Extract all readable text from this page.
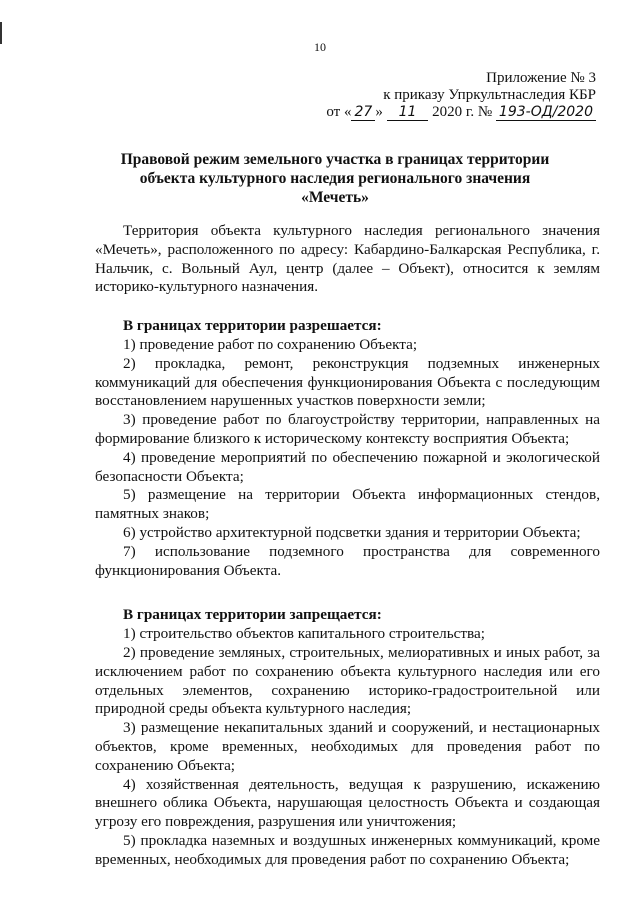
10
Приложение № 3
к приказу Упркультнаследия КБР
от « 27 » 11 2020 г. № 193-ОД/2020
Правовой режим земельного участка в границах территории
объекта культурного наследия регионального значения
«Мечеть»

Территория объекта культурного наследия регионального значения «Мечеть», расположенного по адресу: Кабардино-Балкарская Республика, г. Нальчик, с. Вольный Аул, центр (далее – Объект), относится к землям историко-культурного назначения.

В границах территории разрешается:

1) проведение работ по сохранению Объекта;

2) прокладка, ремонт, реконструкция подземных инженерных коммуникаций для обеспечения функционирования Объекта с последующим восстановлением нарушенных участков поверхности земли;

3) проведение работ по благоустройству территории, направленных на формирование близкого к историческому контексту восприятия Объекта;

4) проведение мероприятий по обеспечению пожарной и экологической безопасности Объекта;

5) размещение на территории Объекта информационных стендов, памятных знаков;

6) устройство архитектурной подсветки здания и территории Объекта;

7) использование подземного пространства для современного функционирования Объекта.

В границах территории запрещается:

1) строительство объектов капитального строительства;

2) проведение земляных, строительных, мелиоративных и иных работ, за исключением работ по сохранению объекта культурного наследия или его отдельных элементов, сохранению историко-градостроительной или природной среды объекта культурного наследия;

3) размещение некапитальных зданий и сооружений, и нестационарных объектов, кроме временных, необходимых для проведения работ по сохранению Объекта;

4) хозяйственная деятельность, ведущая к разрушению, искажению внешнего облика Объекта, нарушающая целостность Объекта и создающая угрозу его повреждения, разрушения или уничтожения;

5) прокладка наземных и воздушных инженерных коммуникаций, кроме временных, необходимых для проведения работ по сохранению Объекта;
